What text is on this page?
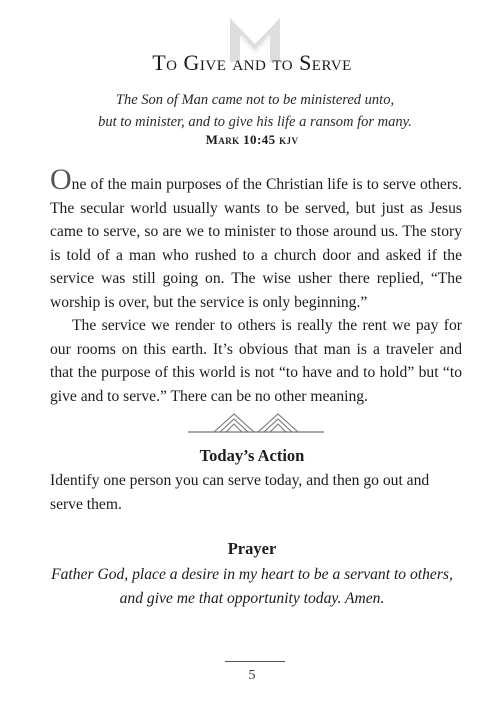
To Give and to Serve
The Son of Man came not to be ministered unto,
but to minister, and to give his life a ransom for many.
Mark 10:45 kjv

One of the main purposes of the Christian life is to serve others. The secular world usually wants to be served, but just as Jesus came to serve, so are we to minister to those around us. The story is told of a man who rushed to a church door and asked if the service was still going on. The wise usher there replied, “The worship is over, but the service is only beginning.”

The service we render to others is really the rent we pay for our rooms on this earth. It’s obvious that man is a traveler and that the purpose of this world is not “to have and to hold” but “to give and to serve.” There can be no other meaning.

Today’s Action
Identify one person you can serve today, and then go out and serve them.
Prayer
Father God, place a desire in my heart to be a servant to others,
and give me that opportunity today. Amen.
5
